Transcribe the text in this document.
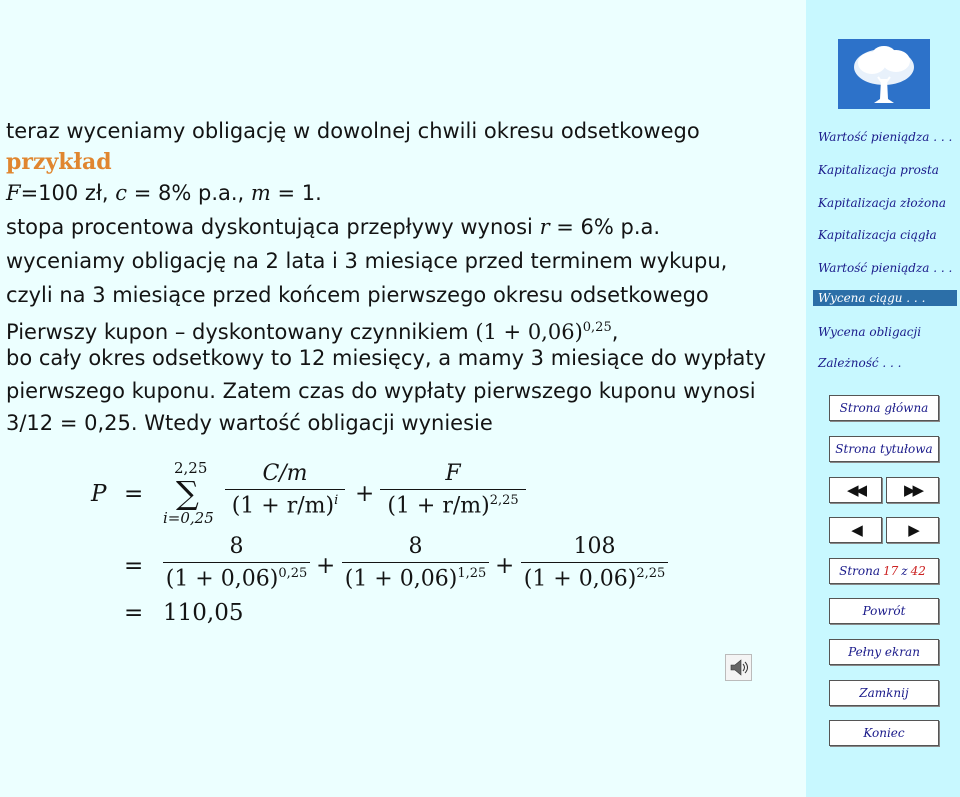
teraz wyceniamy obligację w dowolnej chwili okresu odsetkowego
przykład
F=100 zł, c = 8% p.a., m = 1.
stopa procentowa dyskontująca przepływy wynosi r = 6% p.a.
wyceniamy obligację na 2 lata i 3 miesiące przed terminem wykupu,
czyli na 3 miesiące przed końcem pierwszego okresu odsetkowego
Pierwszy kupon – dyskontowany czynnikiem $(1 + 0,06)^{0,25}$,
bo cały okres odsetkowy to 12 miesięcy, a mamy 3 miesiące do wypłaty
pierwszego kuponu. Zatem czas do wypłaty pierwszego kuponu wynosi
3/12 = 0,25. Wtedy wartość obligacji wyniesie
P =
2,25
∑
i=0,25
C/m
$(1 + r/m)^i$ +
F
$(1 + r/m)^{2,25}$
=
8
$(1 + 0,06)^{0,25}$ +
8
$(1 + 0,06)^{1,25}$ +
108
$(1 + 0,06)^{2,25}$
= 110,05
Wartość pieniądza . . .
Kapitalizacja prosta
Kapitalizacja złożona
Kapitalizacja ciągła
Wartość pieniądza . . .
Wycena ciągu . . .
Wycena obligacji
Zależność . . .
Strona główna
Strona tytułowa
◀◀	▶▶
◀	▶
Strona 17 z 42
Powrót
Pełny ekran
Zamknij
Koniec
